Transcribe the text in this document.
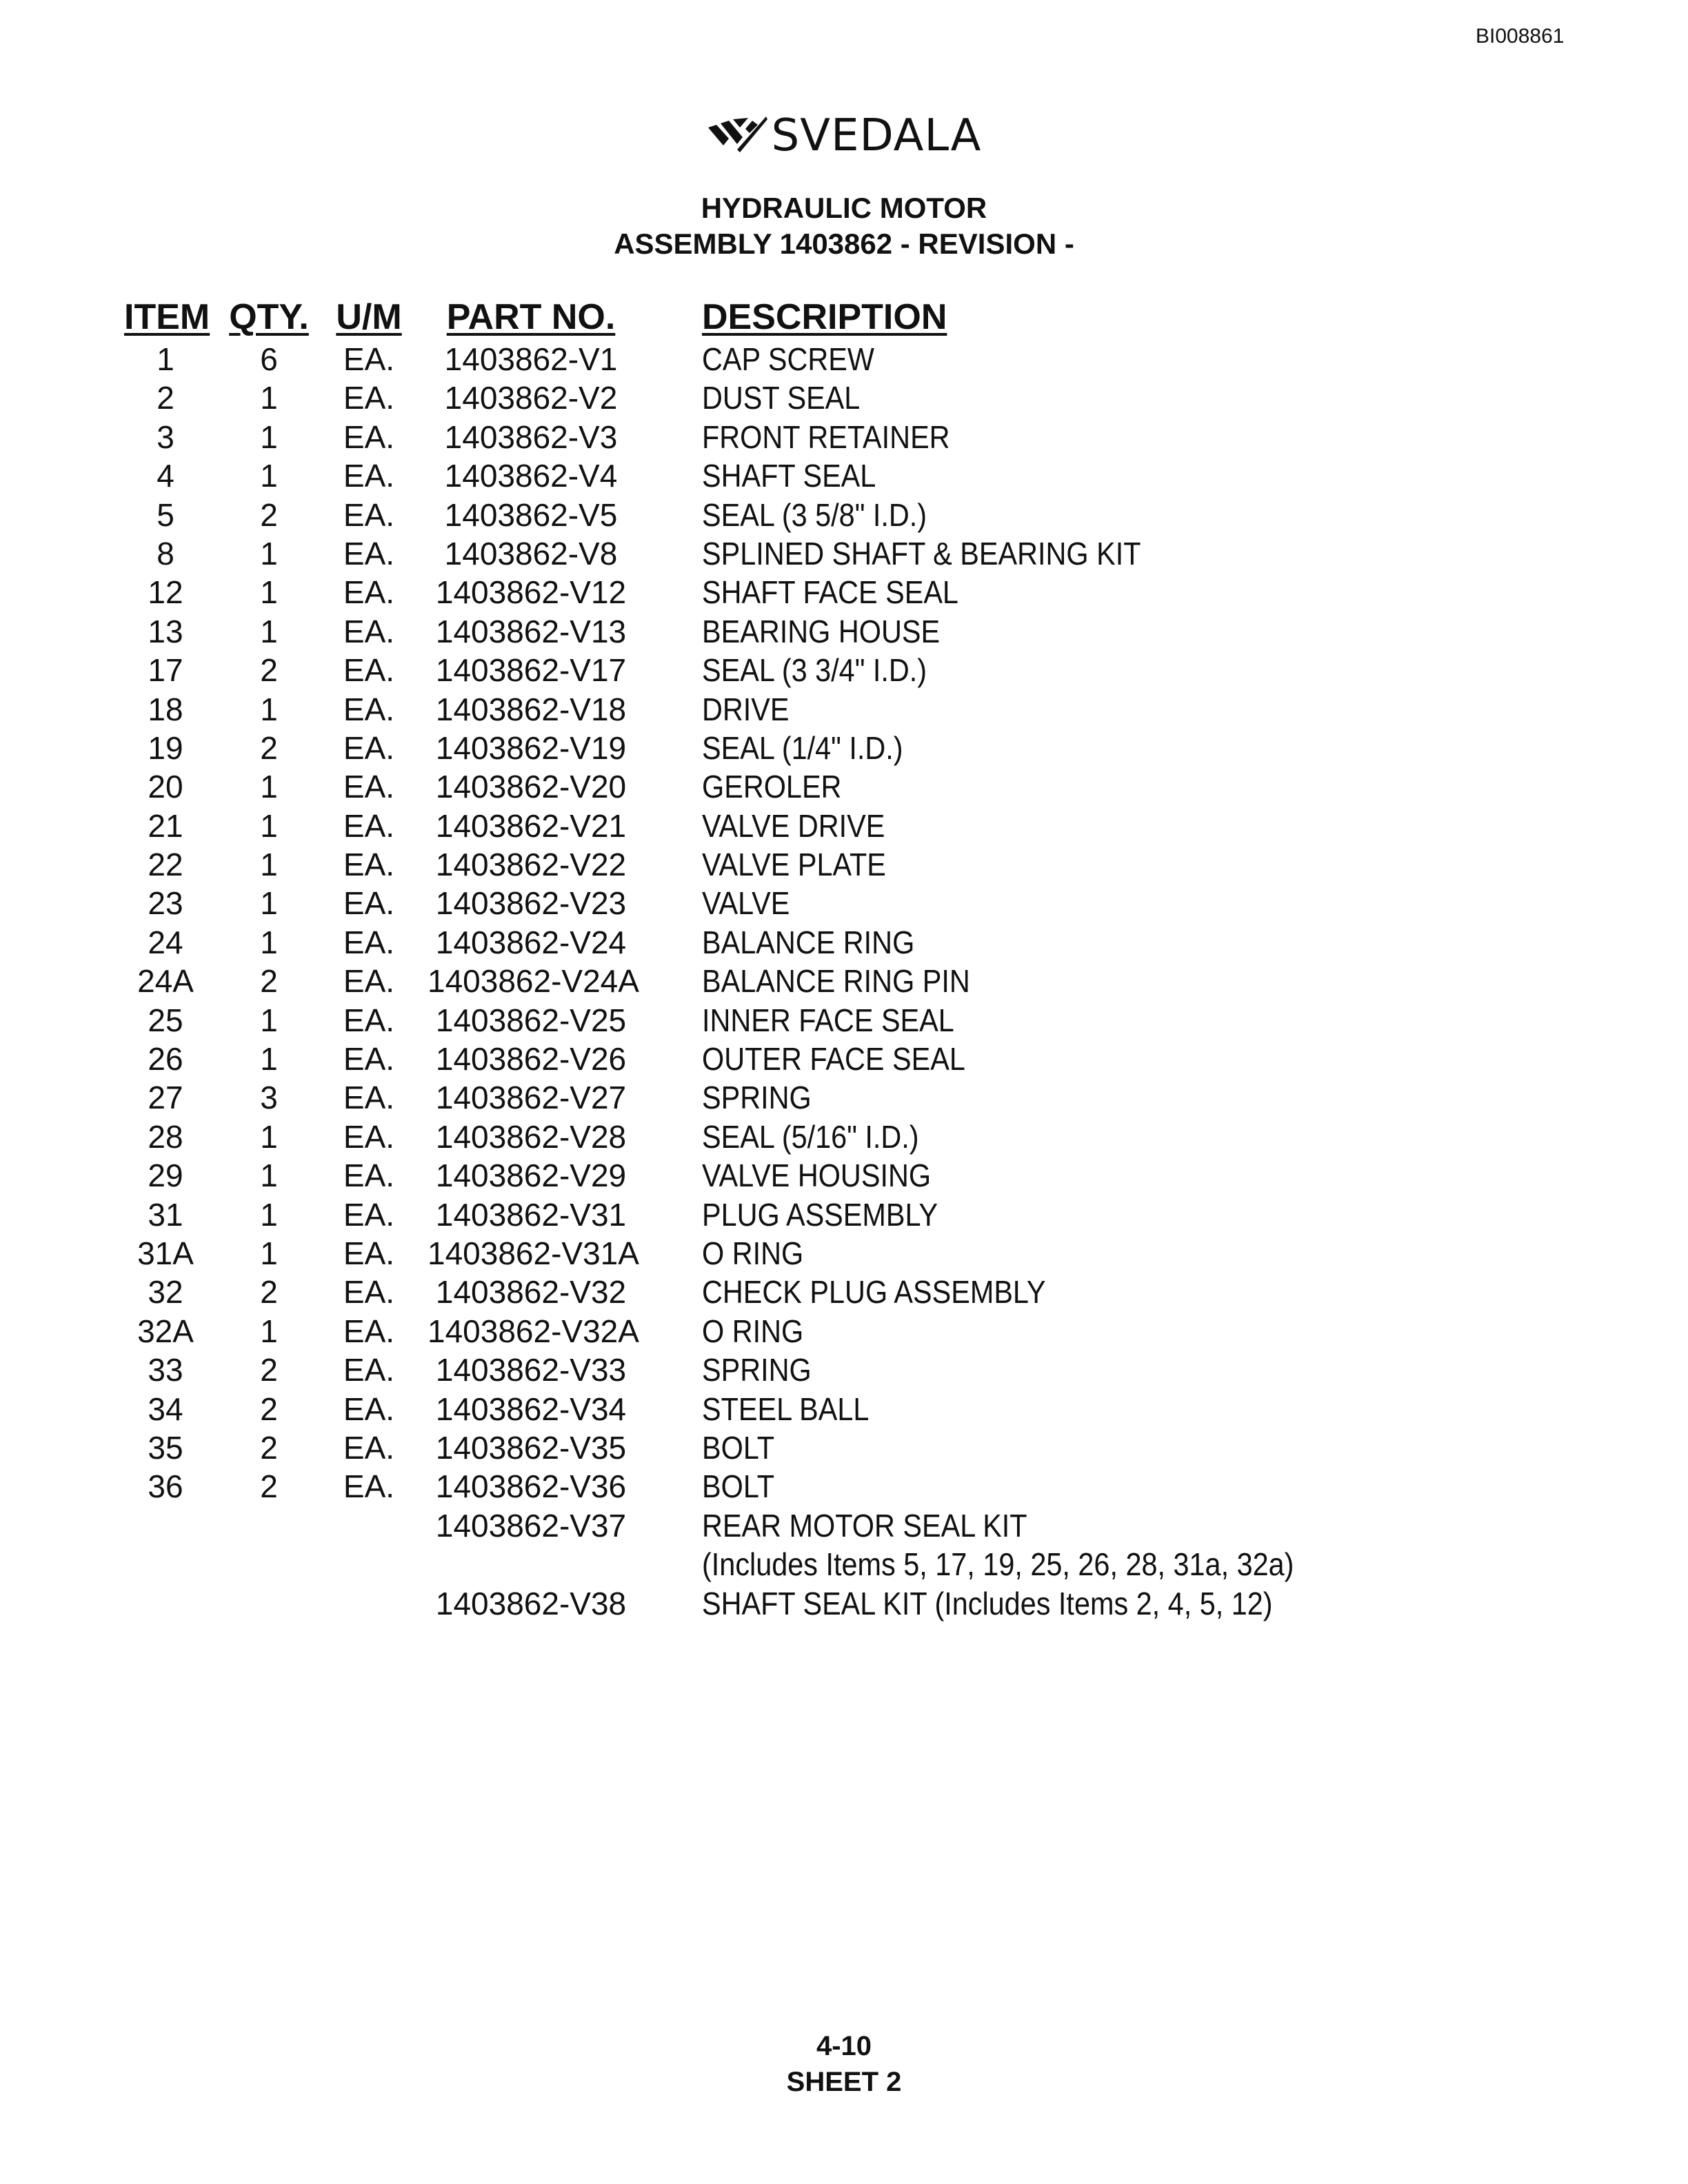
BI008861
SVEDALA
HYDRAULIC MOTOR
ASSEMBLY 1403862 - REVISION -
ITEM QTY. U/M	PART NO.	DESCRIPTION
1	6	EA.	1403862-V1	CAP SCREW
2	1	EA.	1403862-V2	DUST SEAL
3	1	EA.	1403862-V3	FRONT RETAINER
4	1	EA.	1403862-V4	SHAFT SEAL
5	2	EA.	1403862-V5	SEAL (3 5/8" I.D.)
8	1	EA.	1403862-V8	SPLINED SHAFT & BEARING KIT
12	1	EA.	1403862-V12 SHAFT FACE SEAL
13	1	EA.	1403862-V13 BEARING HOUSE
17	2	EA.	1403862-V17 SEAL (3 3/4" I.D.)
18	1	EA.	1403862-V18 DRIVE
19	2	EA.	1403862-V19 SEAL (1/4" I.D.)
20	1	EA.	1403862-V20 GEROLER
21	1	EA.	1403862-V21 VALVE DRIVE
22	1	EA.	1403862-V22 VALVE PLATE
23	1	EA.	1403862-V23 VALVE
24	1	EA.	1403862-V24 BALANCE RING
24A	2	EA.	1403862-V24A BALANCE RING PIN
25	1	EA.	1403862-V25 INNER FACE SEAL
26	1	EA.	1403862-V26 OUTER FACE SEAL
27	3	EA.	1403862-V27 SPRING
28	1	EA.	1403862-V28 SEAL (5/16" I.D.)
29	1	EA.	1403862-V29 VALVE HOUSING
31	1	EA.	1403862-V31 PLUG ASSEMBLY
31A	1	EA.	1403862-V31A O RING
32	2	EA.	1403862-V32 CHECK PLUG ASSEMBLY
32A	1	EA.	1403862-V32A O RING
33	2	EA.	1403862-V33 SPRING
34	2	EA.	1403862-V34 STEEL BALL
35	2	EA.	1403862-V35 BOLT
36	2	EA.	1403862-V36 BOLT
1403862-V37 REAR MOTOR SEAL KIT
(Includes Items 5, 17, 19, 25, 26, 28, 31a, 32a)
1403862-V38 SHAFT SEAL KIT (Includes Items 2, 4, 5, 12)
4-10
SHEET 2
